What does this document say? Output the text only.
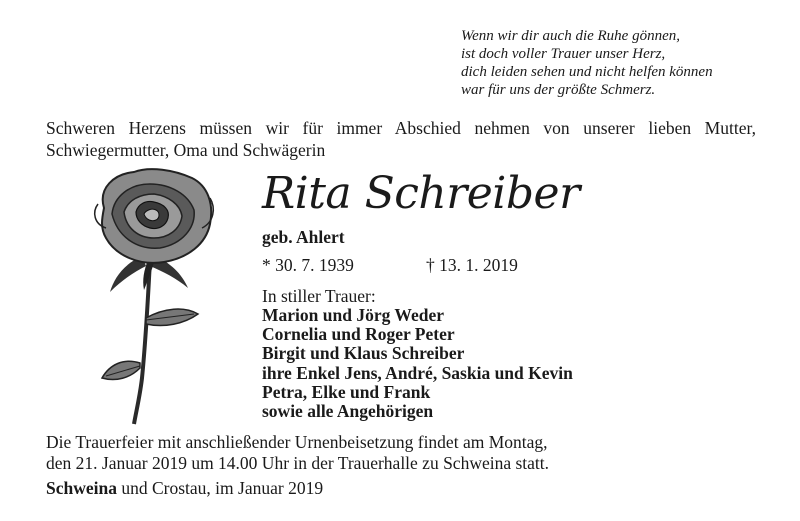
Wenn wir dir auch die Ruhe gönnen,
ist doch voller Trauer unser Herz,
dich leiden sehen und nicht helfen können
war für uns der größte Schmerz.
Schweren Herzens müssen wir für immer Abschied nehmen von unserer lieben Mutter, Schwiegermutter, Oma und Schwägerin
Rita Schreiber
geb. Ahlert
* 30. 7. 1939	† 13. 1. 2019
In stiller Trauer:
Marion und Jörg Weder
Cornelia und Roger Peter
Birgit und Klaus Schreiber
ihre Enkel Jens, André, Saskia und Kevin
Petra, Elke und Frank
sowie alle Angehörigen
Die Trauerfeier mit anschließender Urnenbeisetzung findet am Montag,
den 21. Januar 2019 um 14.00 Uhr in der Trauerhalle zu Schweina statt.
Schweina und Crostau, im Januar 2019
